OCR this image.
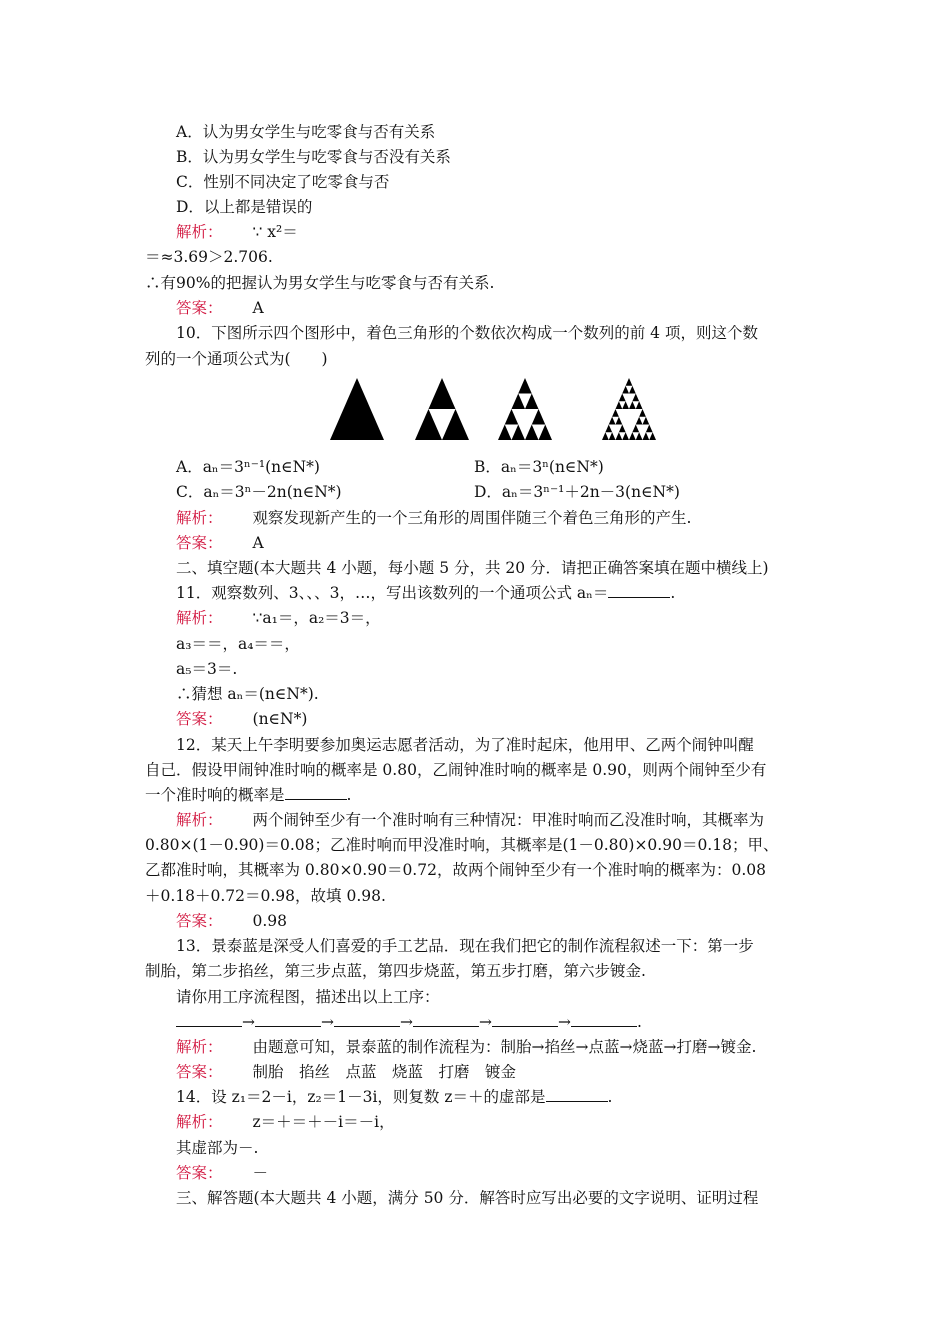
A．认为男女学生与吃零食与否有关系
B．认为男女学生与吃零食与否没有关系
C．性别不同决定了吃零食与否
D．以上都是错误的
解析： ∵ x²＝
＝≈3.69＞2.706.
∴有90%的把握认为男女学生与吃零食与否有关系.
答案： A
10．下图所示四个图形中，着色三角形的个数依次构成一个数列的前 4 项，则这个数
列的一个通项公式为(　　)
A．aₙ＝3ⁿ⁻¹(n∈N*)	B．aₙ＝3ⁿ(n∈N*)
C．aₙ＝3ⁿ－2n(n∈N*)	D．aₙ＝3ⁿ⁻¹＋2n－3(n∈N*)
解析： 观察发现新产生的一个三角形的周围伴随三个着色三角形的产生.
答案： A
二、填空题(本大题共 4 小题，每小题 5 分，共 20 分．请把正确答案填在题中横线上)
11．观察数列、3、、、3，…，写出该数列的一个通项公式 aₙ＝	.
解析： ∵a₁＝，a₂＝3＝，
a₃＝＝，a₄＝＝，
a₅＝3＝.
∴猜想 aₙ＝(n∈N*).
答案： (n∈N*)
12．某天上午李明要参加奥运志愿者活动，为了准时起床，他用甲、乙两个闹钟叫醒
自己．假设甲闹钟准时响的概率是 0.80，乙闹钟准时响的概率是 0.90，则两个闹钟至少有
一个准时响的概率是	.
解析： 两个闹钟至少有一个准时响有三种情况：甲准时响而乙没准时响，其概率为
0.80×(1－0.90)＝0.08；乙准时响而甲没准时响，其概率是(1－0.80)×0.90＝0.18；甲、
乙都准时响，其概率为 0.80×0.90＝0.72，故两个闹钟至少有一个准时响的概率为：0.08
＋0.18＋0.72＝0.98，故填 0.98.
答案： 0.98
13．景泰蓝是深受人们喜爱的手工艺品．现在我们把它的制作流程叙述一下：第一步
制胎，第二步掐丝，第三步点蓝，第四步烧蓝，第五步打磨，第六步镀金.
请你用工序流程图，描述出以上工序：
→	→	→	→	→	.
解析： 由题意可知，景泰蓝的制作流程为：制胎→掐丝→点蓝→烧蓝→打磨→镀金.
答案： 制胎　掐丝　点蓝　烧蓝　打磨　镀金
14．设 z₁＝2－i，z₂＝1－3i，则复数 z＝＋的虚部是	.
解析： z＝＋＝＋－i＝－i，
其虚部为－.
答案： －
三、解答题(本大题共 4 小题，满分 50 分．解答时应写出必要的文字说明、证明过程
